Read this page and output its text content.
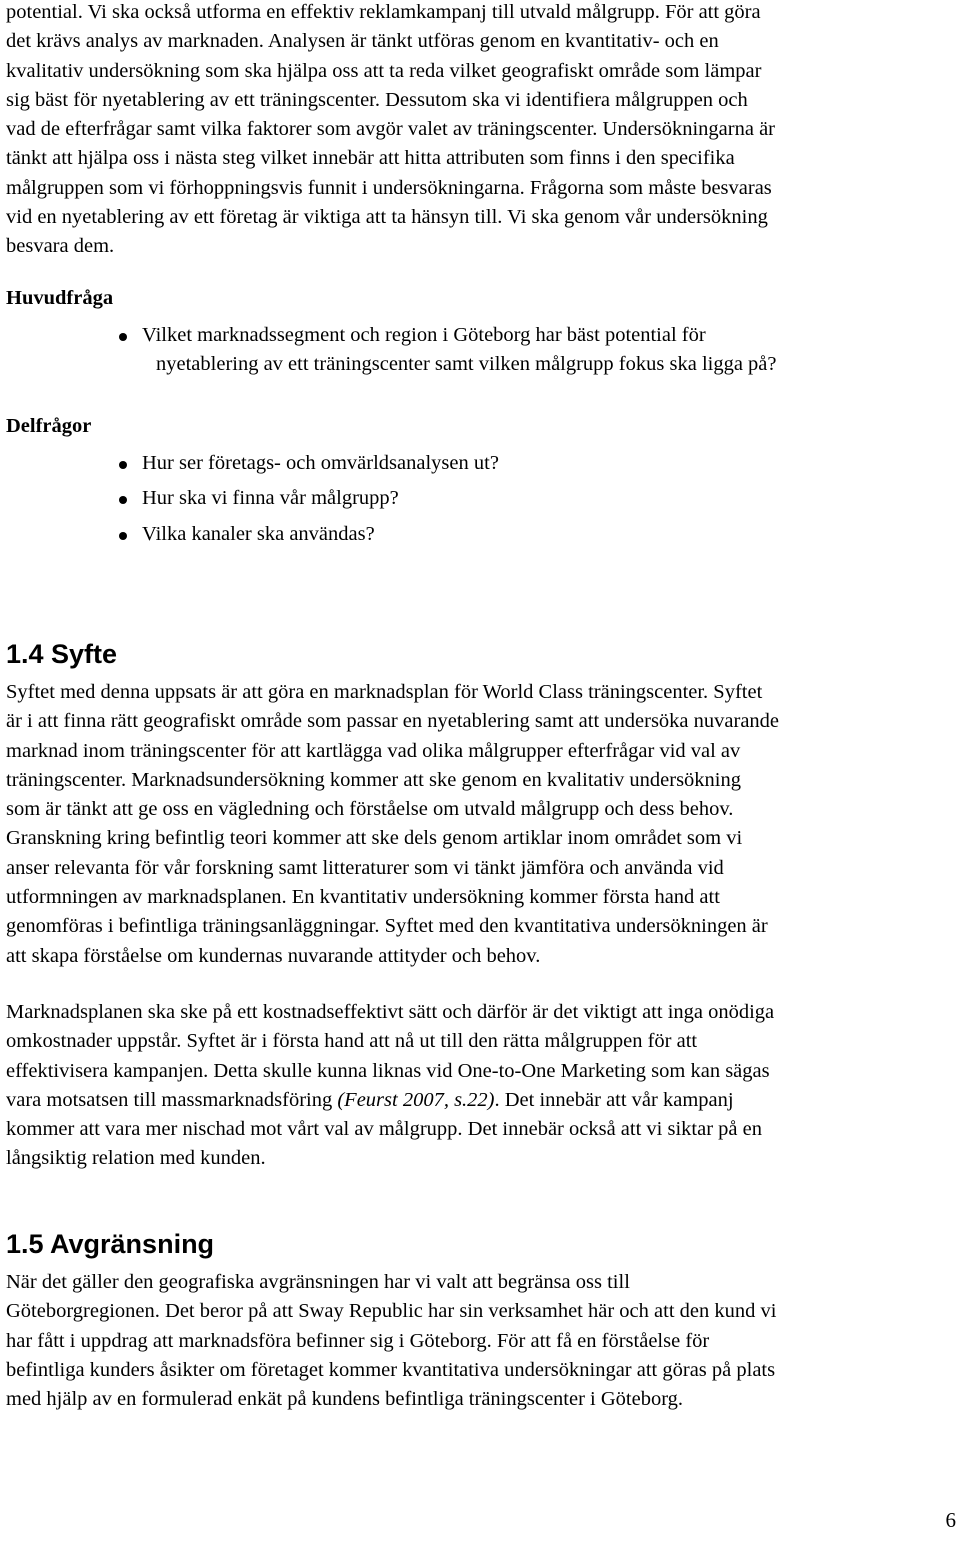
potential. Vi ska också utforma en effektiv reklamkampanj till utvald målgrupp. För att göra
det krävs analys av marknaden. Analysen är tänkt utföras genom en kvantitativ- och en
kvalitativ undersökning som ska hjälpa oss att ta reda vilket geografiskt område som lämpar
sig bäst för nyetablering av ett träningscenter. Dessutom ska vi identifiera målgruppen och
vad de efterfrågar samt vilka faktorer som avgör valet av träningscenter. Undersökningarna är
tänkt att hjälpa oss i nästa steg vilket innebär att hitta attributen som finns i den specifika
målgruppen som vi förhoppningsvis funnit i undersökningarna. Frågorna som måste besvaras
vid en nyetablering av ett företag är viktiga att ta hänsyn till. Vi ska genom vår undersökning
besvara dem.
Huvudfråga
Vilket marknadssegment och region i Göteborg har bäst potential för
nyetablering av ett träningscenter samt vilken målgrupp fokus ska ligga på?
Delfrågor
Hur ser företags- och omvärldsanalysen ut?
Hur ska vi finna vår målgrupp?
Vilka kanaler ska användas?
1.4 Syfte
Syftet med denna uppsats är att göra en marknadsplan för World Class träningscenter. Syftet
är i att finna rätt geografiskt område som passar en nyetablering samt att undersöka nuvarande
marknad inom träningscenter för att kartlägga vad olika målgrupper efterfrågar vid val av
träningscenter. Marknadsundersökning kommer att ske genom en kvalitativ undersökning
som är tänkt att ge oss en vägledning och förståelse om utvald målgrupp och dess behov.
Granskning kring befintlig teori kommer att ske dels genom artiklar inom området som vi
anser relevanta för vår forskning samt litteraturer som vi tänkt jämföra och använda vid
utformningen av marknadsplanen. En kvantitativ undersökning kommer första hand att
genomföras i befintliga träningsanläggningar. Syftet med den kvantitativa undersökningen är
att skapa förståelse om kundernas nuvarande attityder och behov.
Marknadsplanen ska ske på ett kostnadseffektivt sätt och därför är det viktigt att inga onödiga
omkostnader uppstår. Syftet är i första hand att nå ut till den rätta målgruppen för att
effektivisera kampanjen. Detta skulle kunna liknas vid One-to-One Marketing som kan sägas
vara motsatsen till massmarknadsföring (Feurst 2007, s.22). Det innebär att vår kampanj
kommer att vara mer nischad mot vårt val av målgrupp. Det innebär också att vi siktar på en
långsiktig relation med kunden.
1.5 Avgränsning
När det gäller den geografiska avgränsningen har vi valt att begränsa oss till
Göteborgregionen. Det beror på att Sway Republic har sin verksamhet här och att den kund vi
har fått i uppdrag att marknadsföra befinner sig i Göteborg. För att få en förståelse för
befintliga kunders åsikter om företaget kommer kvantitativa undersökningar att göras på plats
med hjälp av en formulerad enkät på kundens befintliga träningscenter i Göteborg.
6
